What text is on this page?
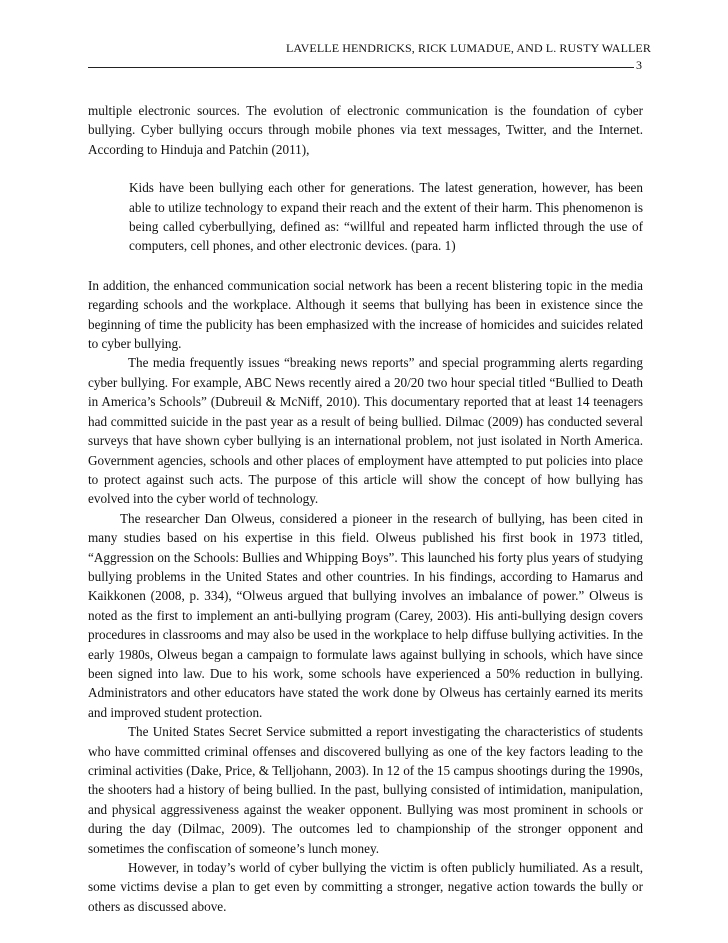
LAVELLE HENDRICKS, RICK LUMADUE, AND L. RUSTY WALLER
3

multiple electronic sources. The evolution of electronic communication is the foundation of cyber bullying. Cyber bullying occurs through mobile phones via text messages, Twitter, and the Internet. According to Hinduja and Patchin (2011),

Kids have been bullying each other for generations. The latest generation, however, has been able to utilize technology to expand their reach and the extent of their harm. This phenomenon is being called cyberbullying, defined as: “willful and repeated harm inflicted through the use of computers, cell phones, and other electronic devices. (para. 1)

In addition, the enhanced communication social network has been a recent blistering topic in the media regarding schools and the workplace. Although it seems that bullying has been in existence since the beginning of time the publicity has been emphasized with the increase of homicides and suicides related to cyber bullying.

The media frequently issues “breaking news reports” and special programming alerts regarding cyber bullying. For example, ABC News recently aired a 20/20 two hour special titled “Bullied to Death in America’s Schools” (Dubreuil & McNiff, 2010). This documentary reported that at least 14 teenagers had committed suicide in the past year as a result of being bullied. Dilmac (2009) has conducted several surveys that have shown cyber bullying is an international problem, not just isolated in North America. Government agencies, schools and other places of employment have attempted to put policies into place to protect against such acts. The purpose of this article will show the concept of how bullying has evolved into the cyber world of technology.

The researcher Dan Olweus, considered a pioneer in the research of bullying, has been cited in many studies based on his expertise in this field. Olweus published his first book in 1973 titled, “Aggression on the Schools: Bullies and Whipping Boys”. This launched his forty plus years of studying bullying problems in the United States and other countries. In his findings, according to Hamarus and Kaikkonen (2008, p. 334), “Olweus argued that bullying involves an imbalance of power.” Olweus is noted as the first to implement an anti-bullying program (Carey, 2003). His anti-bullying design covers procedures in classrooms and may also be used in the workplace to help diffuse bullying activities. In the early 1980s, Olweus began a campaign to formulate laws against bullying in schools, which have since been signed into law. Due to his work, some schools have experienced a 50% reduction in bullying. Administrators and other educators have stated the work done by Olweus has certainly earned its merits and improved student protection.

The United States Secret Service submitted a report investigating the characteristics of students who have committed criminal offenses and discovered bullying as one of the key factors leading to the criminal activities (Dake, Price, & Telljohann, 2003). In 12 of the 15 campus shootings during the 1990s, the shooters had a history of being bullied. In the past, bullying consisted of intimidation, manipulation, and physical aggressiveness against the weaker opponent. Bullying was most prominent in schools or during the day (Dilmac, 2009). The outcomes led to championship of the stronger opponent and sometimes the confiscation of someone’s lunch money.

However, in today’s world of cyber bullying the victim is often publicly humiliated. As a result, some victims devise a plan to get even by committing a stronger, negative action towards the bully or others as discussed above.
